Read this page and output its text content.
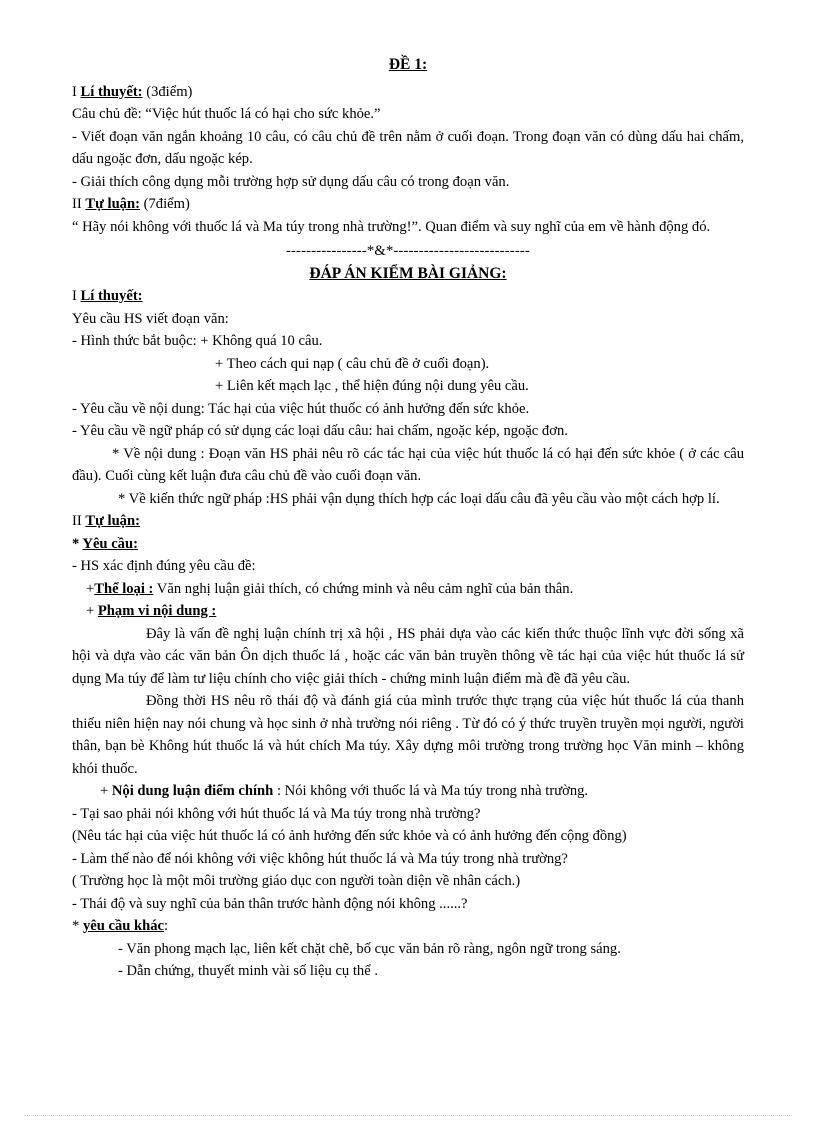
ĐỀ 1:
I Lí thuyết: (3điểm)
Câu chủ đề: “Việc hút thuốc lá có hại cho sức khỏe.”
- Viết đoạn văn ngắn khoảng 10 câu, có câu chủ đề trên nằm ở cuối đoạn. Trong đoạn văn có dùng dấu hai chấm, dấu ngoặc đơn, dấu ngoặc kép.
- Giải thích công dụng mỗi trường hợp sử dụng dấu câu có trong đoạn văn.
II Tự luận: (7điểm)
“ Hãy nói không với thuốc lá và Ma túy trong nhà trường!”. Quan điểm và suy nghĩ của em về hành động đó.
----------------*&*---------------------------
ĐÁP ÁN KIỂM BÀI GIẢNG:
I Lí thuyết:
Yêu cầu HS viết đoạn văn:
- Hình thức bắt buộc: + Không quá 10 câu.
+ Theo cách qui nạp ( câu chủ đề ở cuối đoạn).
+ Liên kết mạch lạc , thể hiện đúng nội dung yêu cầu.
- Yêu cầu về nội dung: Tác hại của việc hút thuốc có ảnh hưởng đến sức khỏe.
- Yêu cầu về ngữ pháp có sử dụng các loại dấu câu: hai chấm, ngoặc kép, ngoặc đơn.
* Về nội dung : Đoạn văn HS phải nêu rõ các tác hại của việc hút thuốc lá có hại đến sức khỏe ( ở các câu đầu). Cuối cùng kết luận đưa câu chủ đề vào cuối đoạn văn.
* Về kiến thức ngữ pháp :HS phải vận dụng thích hợp các loại dấu câu đã yêu cầu vào một cách hợp lí.
II Tự luận:
* Yêu cầu:
- HS xác định đúng yêu cầu đề:
+Thể loại : Văn nghị luận giải thích, có chứng minh và nêu cảm nghĩ của bản thân.
+ Phạm vi nội dung :
Đây là vấn đề nghị luận chính trị xã hội , HS phải dựa vào các kiến thức thuộc lĩnh vực đời sống xã hội và dựa vào các văn bản Ôn dịch thuốc lá , hoặc các văn bản truyền thông về tác hại của việc hút thuốc lá sử dụng Ma túy để làm tư liệu chính cho việc giải thích - chứng minh luận điểm mà đề đã yêu cầu.
Đồng thời HS nêu rõ thái độ và đánh giá của mình trước thực trạng của việc hút thuốc lá của thanh thiếu niên hiện nay nói chung và học sinh ở nhà trường nói riêng . Từ đó có ý thức truyền truyền mọi người, người thân, bạn bè Không hút thuốc lá và hút chích Ma túy. Xây dựng môi trường trong trường học Văn minh – không khói thuốc.
+ Nội dung luận điểm chính : Nói không với thuốc lá và Ma túy trong nhà trường.
- Tại sao phải nói không với hút thuốc lá và Ma túy trong nhà trường?
(Nêu tác hại của việc hút thuốc lá có ảnh hưởng đến sức khỏe và có ảnh hưởng đến cộng đồng)
- Làm thế nào để nói không với việc không hút thuốc lá và Ma túy trong nhà trường?
( Trường học là một môi trường giáo dục con người toàn diện về nhân cách.)
- Thái độ và suy nghĩ của bản thân trước hành động nói không ......?
* yêu cầu khác:
- Văn phong mạch lạc, liên kết chặt chẽ, bố cục văn bản rõ ràng, ngôn ngữ trong sáng.
- Dẫn chứng, thuyết minh vài số liệu cụ thể .
